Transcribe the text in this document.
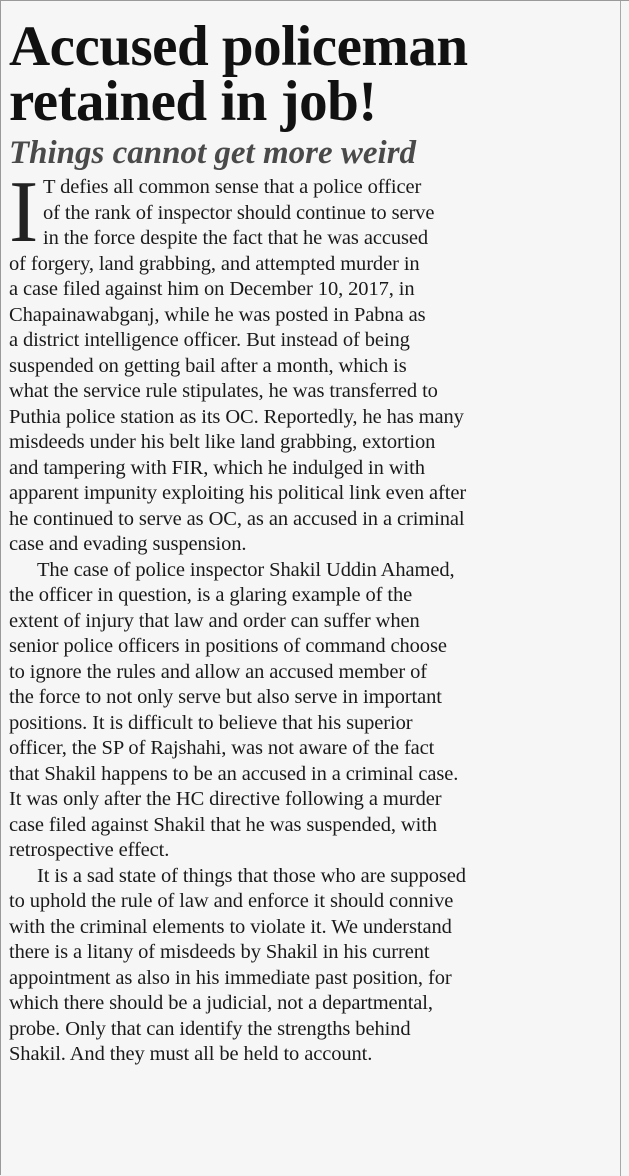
Accused policeman
retained in job!
Things cannot get more weird
I T defies all common sense that a police officer
of the rank of inspector should continue to serve
in the force despite the fact that he was accused
of forgery, land grabbing, and attempted murder in
a case filed against him on December 10, 2017, in
Chapainawabganj, while he was posted in Pabna as
a district intelligence officer. But instead of being
suspended on getting bail after a month, which is
what the service rule stipulates, he was transferred to
Puthia police station as its OC. Reportedly, he has many
misdeeds under his belt like land grabbing, extortion
and tampering with FIR, which he indulged in with
apparent impunity exploiting his political link even after
he continued to serve as OC, as an accused in a criminal
case and evading suspension.
The case of police inspector Shakil Uddin Ahamed,
the officer in question, is a glaring example of the
extent of injury that law and order can suffer when
senior police officers in positions of command choose
to ignore the rules and allow an accused member of
the force to not only serve but also serve in important
positions. It is difficult to believe that his superior
officer, the SP of Rajshahi, was not aware of the fact
that Shakil happens to be an accused in a criminal case.
It was only after the HC directive following a murder
case filed against Shakil that he was suspended, with
retrospective effect.
It is a sad state of things that those who are supposed
to uphold the rule of law and enforce it should connive
with the criminal elements to violate it. We understand
there is a litany of misdeeds by Shakil in his current
appointment as also in his immediate past position, for
which there should be a judicial, not a departmental,
probe. Only that can identify the strengths behind
Shakil. And they must all be held to account.
